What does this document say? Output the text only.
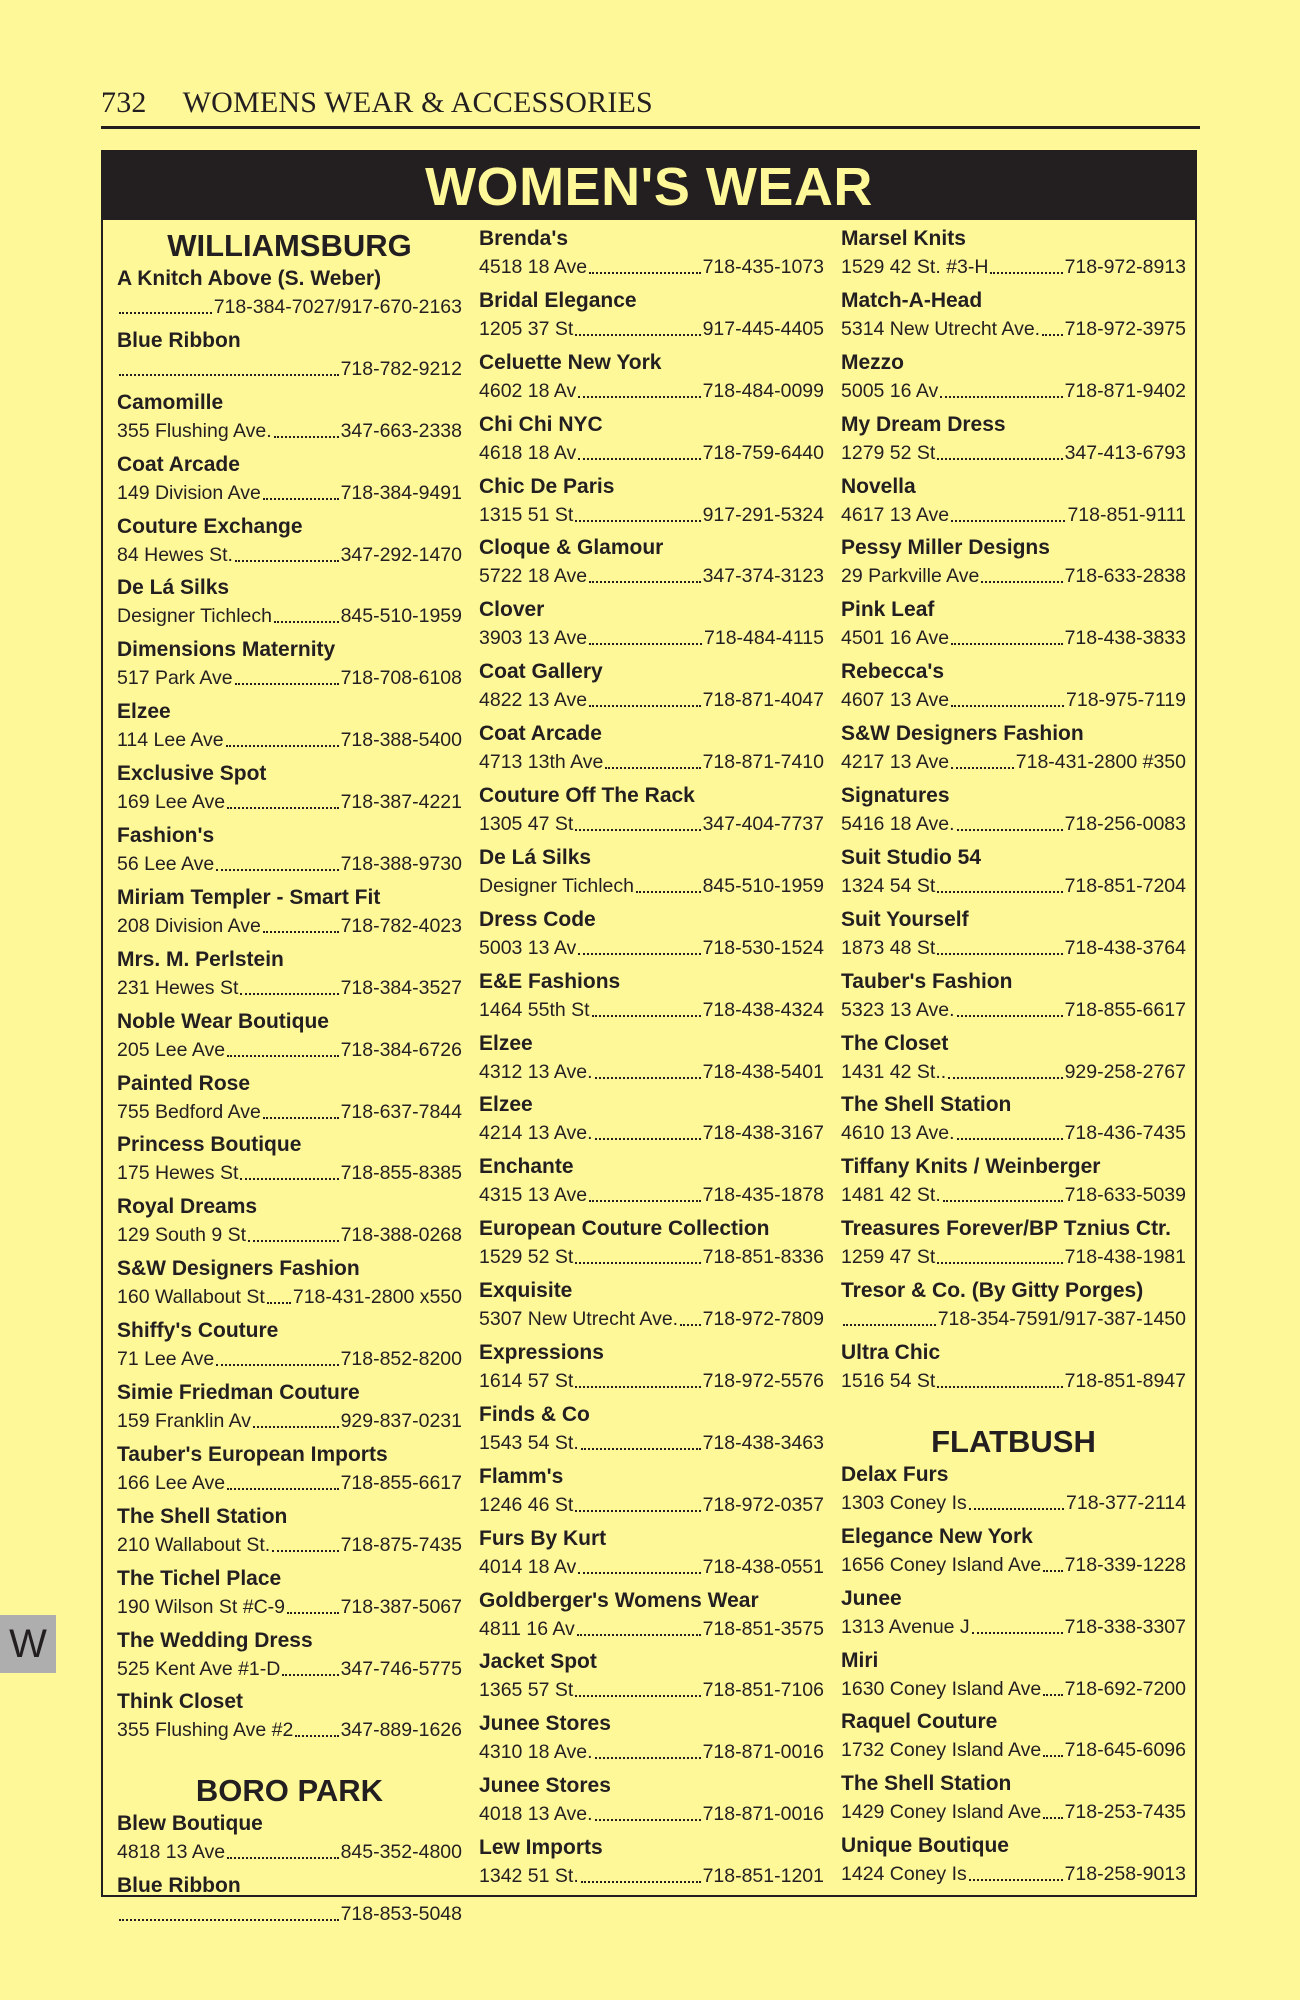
732 WOMENS WEAR & ACCESSORIES
WOMEN'S WEAR
WILLIAMSBURG
A Knitch Above (S. Weber)
718-384-7027/917-670-2163
Blue Ribbon
718-782-9212
Camomille
355 Flushing Ave.	347-663-2338
Coat Arcade
149 Division Ave	718-384-9491
Couture Exchange
84 Hewes St.	347-292-1470
De Lá Silks
Designer Tichlech	845-510-1959
Dimensions Maternity
517 Park Ave	718-708-6108
Elzee
114 Lee Ave	718-388-5400
Exclusive Spot
169 Lee Ave	718-387-4221
Fashion's
56 Lee Ave	718-388-9730
Miriam Templer - Smart Fit
208 Division Ave	718-782-4023
Mrs. M. Perlstein
231 Hewes St	718-384-3527
Noble Wear Boutique
205 Lee Ave	718-384-6726
Painted Rose
755 Bedford Ave	718-637-7844
Princess Boutique
175 Hewes St	718-855-8385
Royal Dreams
129 South 9 St	718-388-0268
S&W Designers Fashion
160 Wallabout St 718-431-2800 x550
Shiffy's Couture
71 Lee Ave	718-852-8200
Simie Friedman Couture
159 Franklin Av	929-837-0231
Tauber's European Imports
166 Lee Ave	718-855-6617
The Shell Station
210 Wallabout St.	718-875-7435
The Tichel Place
190 Wilson St #C-9	718-387-5067
The Wedding Dress
525 Kent Ave #1-D	347-746-5775
Think Closet
355 Flushing Ave #2 347-889-1626
BORO PARK
Blew Boutique
4818 13 Ave	845-352-4800
Blue Ribbon
718-853-5048
Brenda's
4518 18 Ave	718-435-1073
Bridal Elegance
1205 37 St	917-445-4405
Celuette New York
4602 18 Av	718-484-0099
Chi Chi NYC
4618 18 Av	718-759-6440
Chic De Paris
1315 51 St	917-291-5324
Cloque & Glamour
5722 18 Ave	347-374-3123
Clover
3903 13 Ave	718-484-4115
Coat Gallery
4822 13 Ave	718-871-4047
Coat Arcade
4713 13th Ave	718-871-7410
Couture Off The Rack
1305 47 St	347-404-7737
De Lá Silks
Designer Tichlech	845-510-1959
Dress Code
5003 13 Av	718-530-1524
E&E Fashions
1464 55th St	718-438-4324
Elzee
4312 13 Ave.	718-438-5401
Elzee
4214 13 Ave.	718-438-3167
Enchante
4315 13 Ave	718-435-1878
European Couture Collection
1529 52 St	718-851-8336
Exquisite
5307 New Utrecht Ave. 718-972-7809
Expressions
1614 57 St	718-972-5576
Finds & Co
1543 54 St.	718-438-3463
Flamm's
1246 46 St	718-972-0357
Furs By Kurt
4014 18 Av	718-438-0551
Goldberger's Womens Wear
4811 16 Av	718-851-3575
Jacket Spot
1365 57 St	718-851-7106
Junee Stores
4310 18 Ave.	718-871-0016
Junee Stores
4018 13 Ave.	718-871-0016
Lew Imports
1342 51 St.	718-851-1201
Marsel Knits
1529 42 St. #3-H	718-972-8913
Match-A-Head
5314 New Utrecht Ave. 718-972-3975
Mezzo
5005 16 Av	718-871-9402
My Dream Dress
1279 52 St	347-413-6793
Novella
4617 13 Ave	718-851-9111
Pessy Miller Designs
29 Parkville Ave	718-633-2838
Pink Leaf
4501 16 Ave	718-438-3833
Rebecca's
4607 13 Ave	718-975-7119
S&W Designers Fashion
4217 13 Ave	718-431-2800 #350
Signatures
5416 18 Ave.	718-256-0083
Suit Studio 54
1324 54 St	718-851-7204
Suit Yourself
1873 48 St	718-438-3764
Tauber's Fashion
5323 13 Ave.	718-855-6617
The Closet
1431 42 St..	929-258-2767
The Shell Station
4610 13 Ave.	718-436-7435
Tiffany Knits / Weinberger
1481 42 St.	718-633-5039
Treasures Forever/BP Tznius Ctr.
1259 47 St	718-438-1981
Tresor & Co. (By Gitty Porges)
718-354-7591/917-387-1450
Ultra Chic
1516 54 St	718-851-8947
FLATBUSH
Delax Furs
1303 Coney Is	718-377-2114
Elegance New York
1656 Coney Island Ave 718-339-1228
Junee
1313 Avenue J	718-338-3307
Miri
1630 Coney Island Ave 718-692-7200
Raquel Couture
1732 Coney Island Ave 718-645-6096
The Shell Station
1429 Coney Island Ave 718-253-7435
Unique Boutique
1424 Coney Is	718-258-9013
W
